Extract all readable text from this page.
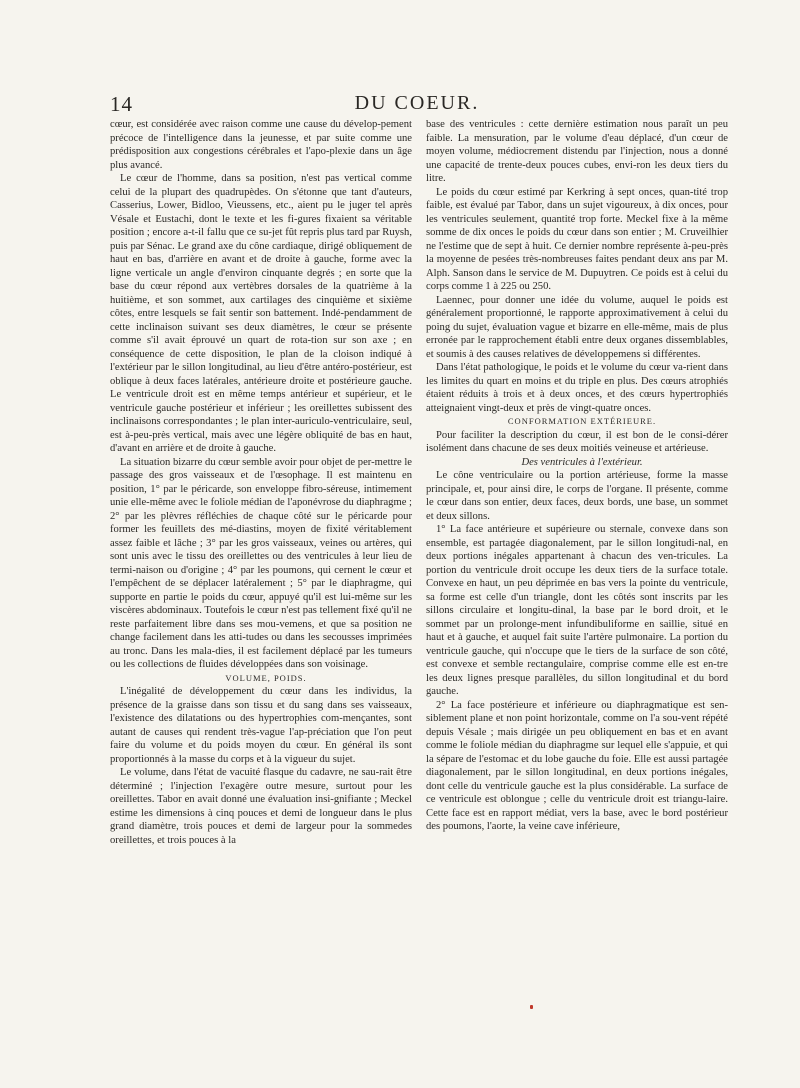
14	DU COEUR.

cœur, est considérée avec raison comme une cause du dévelop-pement précoce de l'intelligence dans la jeunesse, et par suite comme une prédisposition aux congestions cérébrales et l'apo-plexie dans un âge plus avancé.

Le cœur de l'homme, dans sa position, n'est pas vertical comme celui de la plupart des quadrupèdes. On s'étonne que tant d'auteurs, Casserius, Lower, Bidloo, Vieussens, etc., aient pu le juger tel après Vésale et Eustachi, dont le texte et les fi-gures fixaient sa véritable position ; encore a-t-il fallu que ce su-jet fût repris plus tard par Ruysh, puis par Sénac. Le grand axe du cône cardiaque, dirigé obliquement de haut en bas, d'arrière en avant et de droite à gauche, forme avec la ligne verticale un angle d'environ cinquante degrés ; en sorte que la base du cœur répond aux vertèbres dorsales de la quatrième à la huitième, et son sommet, aux cartilages des cinquième et sixième côtes, entre lesquels se fait sentir son battement. Indé-pendamment de cette inclinaison suivant ses deux diamètres, le cœur se présente comme s'il avait éprouvé un quart de rota-tion sur son axe ; en conséquence de cette disposition, le plan de la cloison indiqué à l'extérieur par le sillon longitudinal, au lieu d'être antéro-postérieur, est oblique à deux faces latérales, antérieure droite et postérieure gauche. Le ventricule droit est en même temps antérieur et supérieur, et le ventricule gauche postérieur et inférieur ; les oreillettes subissent des inclinaisons correspondantes ; le plan inter-auriculo-ventriculaire, seul, est à-peu-près vertical, mais avec une légère obliquité de bas en haut, d'avant en arrière et de droite à gauche.

La situation bizarre du cœur semble avoir pour objet de per-mettre le passage des gros vaisseaux et de l'œsophage. Il est maintenu en position, 1° par le péricarde, son enveloppe fibro-séreuse, intimement unie elle-même avec le foliole médian de l'aponévrose du diaphragme ; 2° par les plèvres réfléchies de chaque côté sur le péricarde pour former les feuillets des mé-diastins, moyen de fixité véritablement assez faible et lâche ; 3° par les gros vaisseaux, veines ou artères, qui sont unis avec le tissu des oreillettes ou des ventricules à leur lieu de termi-naison ou d'origine ; 4° par les poumons, qui cernent le cœur et l'empêchent de se déplacer latéralement ; 5° par le diaphragme, qui supporte en partie le poids du cœur, appuyé qu'il est lui-même sur les viscères abdominaux. Toutefois le cœur n'est pas tellement fixé qu'il ne reste parfaitement libre dans ses mou-vemens, et que sa position ne change facilement dans les atti-tudes ou dans les secousses imprimées au tronc. Dans les mala-dies, il est facilement déplacé par les tumeurs ou les collections de fluides développées dans son voisinage.

VOLUME, POIDS.

L'inégalité de développement du cœur dans les individus, la présence de la graisse dans son tissu et du sang dans ses vaisseaux, l'existence des dilatations ou des hypertrophies com-mençantes, sont autant de causes qui rendent très-vague l'ap-préciation que l'on peut faire du volume et du poids moyen du cœur. En général ils sont proportionnés à la masse du corps et à la vigueur du sujet.

Le volume, dans l'état de vacuité flasque du cadavre, ne sau-rait être déterminé ; l'injection l'exagère outre mesure, surtout pour les oreillettes. Tabor en avait donné une évaluation insi-gnifiante ; Meckel estime les dimensions à cinq pouces et demi de longueur dans le plus grand diamètre, trois pouces et demi de largeur pour la sommedes oreillettes, et trois pouces à la

base des ventricules : cette dernière estimation nous paraît un peu faible. La mensuration, par le volume d'eau déplacé, d'un cœur de moyen volume, médiocrement distendu par l'injection, nous a donné une capacité de trente-deux pouces cubes, envi-ron les deux tiers du litre.

Le poids du cœur estimé par Kerkring à sept onces, quan-tité trop faible, est évalué par Tabor, dans un sujet vigoureux, à dix onces, pour les ventricules seulement, quantité trop forte. Meckel fixe à la même somme de dix onces le poids du cœur dans son entier ; M. Cruveilhier ne l'estime que de sept à huit. Ce dernier nombre représente à-peu-près la moyenne de pesées très-nombreuses faites pendant deux ans par M. Alph. Sanson dans le service de M. Dupuytren. Ce poids est à celui du corps comme 1 à 225 ou 250.

Laennec, pour donner une idée du volume, auquel le poids est généralement proportionné, le rapporte approximativement à celui du poing du sujet, évaluation vague et bizarre en elle-même, mais de plus erronée par le rapprochement établi entre deux organes dissemblables, et soumis à des causes relatives de développemens si différentes.

Dans l'état pathologique, le poids et le volume du cœur va-rient dans les limites du quart en moins et du triple en plus. Des cœurs atrophiés étaient réduits à trois et à deux onces, et des cœurs hypertrophiés atteignaient vingt-deux et près de vingt-quatre onces.

CONFORMATION EXTÉRIEURE.

Pour faciliter la description du cœur, il est bon de le consi-dérer isolément dans chacune de ses deux moitiés veineuse et artérieuse.

Des ventricules à l'extérieur.

Le cône ventriculaire ou la portion artérieuse, forme la masse principale, et, pour ainsi dire, le corps de l'organe. Il présente, comme le cœur dans son entier, deux faces, deux bords, une base, un sommet et deux sillons.

1° La face antérieure et supérieure ou sternale, convexe dans son ensemble, est partagée diagonalement, par le sillon longitudi-nal, en deux portions inégales appartenant à chacun des ven-tricules. La portion du ventricule droit occupe les deux tiers de la surface totale. Convexe en haut, un peu déprimée en bas vers la pointe du ventricule, sa forme est celle d'un triangle, dont les côtés sont inscrits par les sillons circulaire et longitu-dinal, la base par le bord droit, et le sommet par un prolonge-ment infundibuliforme en saillie, situé en haut et à gauche, et auquel fait suite l'artère pulmonaire. La portion du ventricule gauche, qui n'occupe que le tiers de la surface de son côté, est convexe et semble rectangulaire, comprise comme elle est en-tre les deux lignes presque parallèles, du sillon longitudinal et du bord gauche.

2° La face postérieure et inférieure ou diaphragmatique est sen-siblement plane et non point horizontale, comme on l'a sou-vent répété depuis Vésale ; mais dirigée un peu obliquement en bas et en avant comme le foliole médian du diaphragme sur lequel elle s'appuie, et qui la sépare de l'estomac et du lobe gauche du foie. Elle est aussi partagée diagonalement, par le sillon longitudinal, en deux portions inégales, dont celle du ventricule gauche est la plus considérable. La surface de ce ventricule est oblongue ; celle du ventricule droit est triangu-laire. Cette face est en rapport médiat, vers la base, avec le bord postérieur des poumons, l'aorte, la veine cave inférieure,
